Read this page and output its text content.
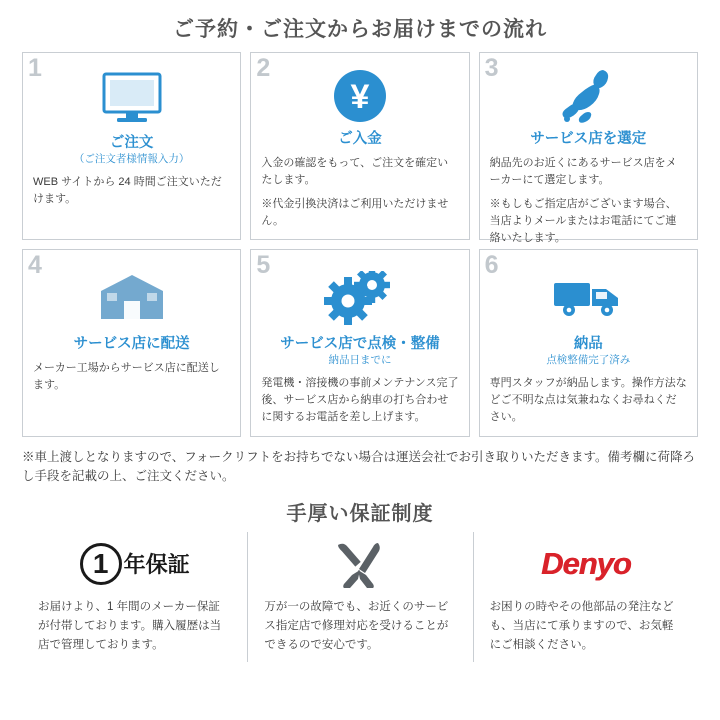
ご予約・ご注文からお届けまでの流れ
1
ご注文
（ご注文者様情報入力）

WEB サイトから 24 時間ご注文いただけます。

2
¥
ご入金

入金の確認をもって、ご注文を確定いたします。

※代金引換決済はご利用いただけません。

3
サービス店を選定

納品先のお近くにあるサービス店をメーカーにて選定します。

※もしもご指定店がございます場合、当店よりメールまたはお電話にてご連絡いたします。

4
サービス店に配送

メーカー工場からサービス店に配送します。

5
サービス店で点検・整備
納品日までに

発電機・溶接機の事前メンテナンス完了後、サービス店から納車の打ち合わせに関するお電話を差し上げます。

6
納品
点検整備完了済み

専門スタッフが納品します。操作方法などご不明な点は気兼ねなくお尋ねください。

※車上渡しとなりますので、フォークリフトをお持ちでない場合は運送会社でお引き取りいただきます。備考欄に荷降ろし手段を記載の上、ご注文ください。
手厚い保証制度
1 年保証
お届けより、1 年間のメーカー保証が付帯しております。購入履歴は当店で管理しております。
万が一の故障でも、お近くのサービス指定店で修理対応を受けることができるので安心です。
Denyo
お困りの時やその他部品の発注なども、当店にて承りますので、お気軽にご相談ください。
